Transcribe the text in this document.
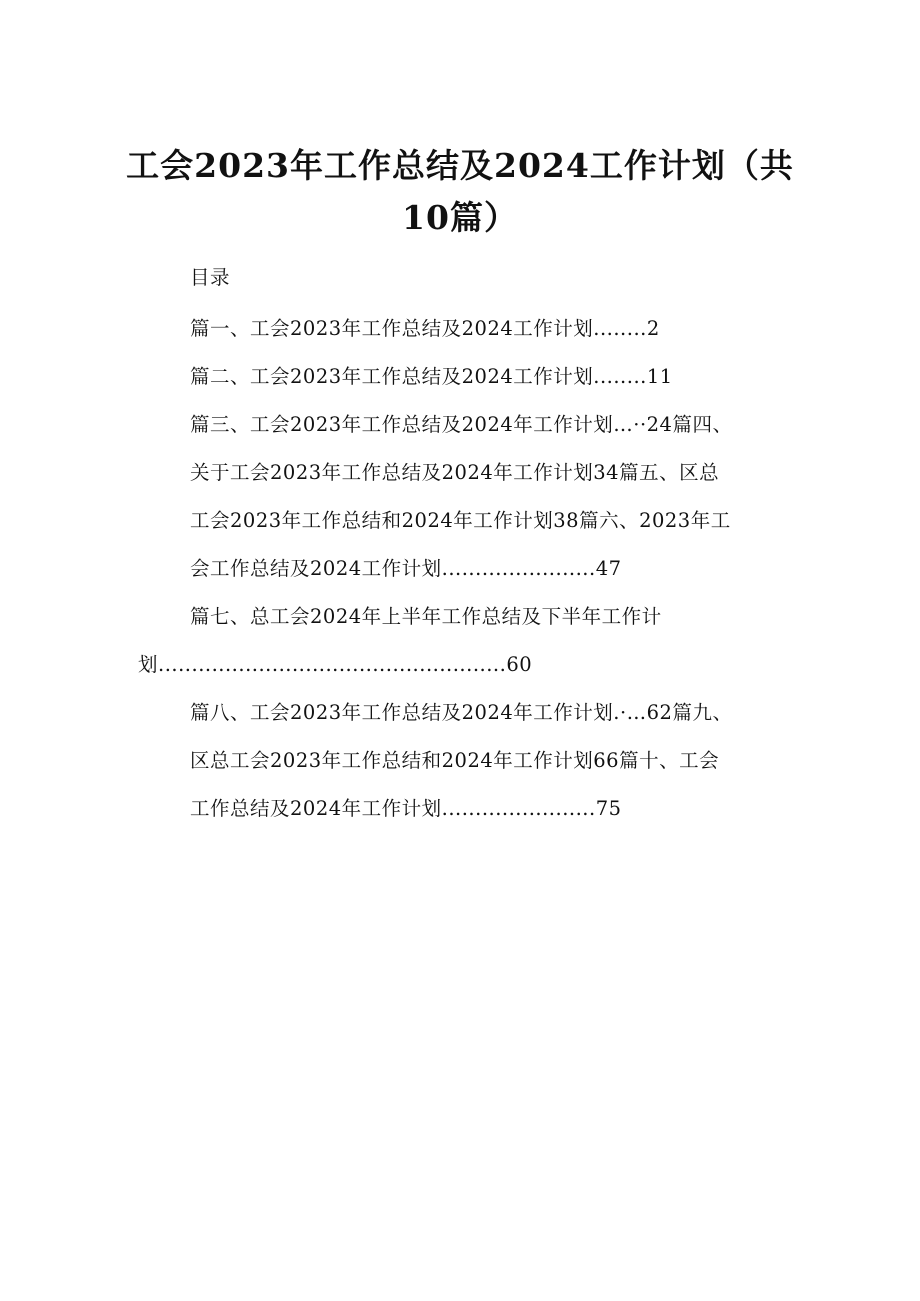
工会2023年工作总结及2024工作计划（共
10篇）
目录
篇一、工会2023年工作总结及2024工作计划........2
篇二、工会2023年工作总结及2024工作计划........11
篇三、工会2023年工作总结及2024年工作计划…··24篇四、
关于工会2023年工作总结及2024年工作计划34篇五、区总
工会2023年工作总结和2024年工作计划38篇六、2023年工
会工作总结及2024工作计划.......................47
篇七、总工会2024年上半年工作总结及下半年工作计
划....................................................60
篇八、工会2023年工作总结及2024年工作计划.·…62篇九、
区总工会2023年工作总结和2024年工作计划66篇十、工会
工作总结及2024年工作计划.......................75
